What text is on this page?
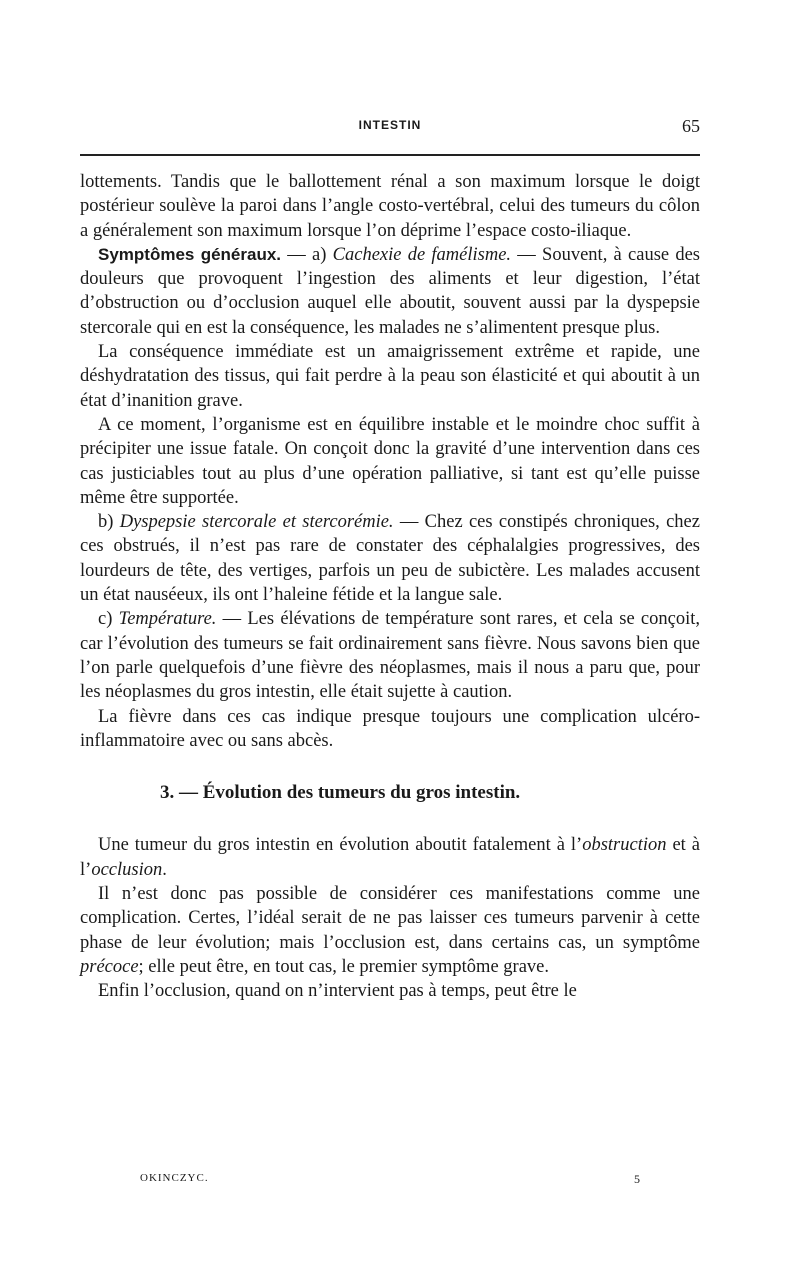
INTESTIN	65

lottements. Tandis que le ballottement rénal a son maximum lorsque le doigt postérieur soulève la paroi dans l’angle costo-vertébral, celui des tumeurs du côlon a généralement son maximum lorsque l’on déprime l’espace costo-iliaque.

Symptômes généraux. — a) Cachexie de famélisme. — Souvent, à cause des douleurs que provoquent l’ingestion des aliments et leur digestion, l’état d’obstruction ou d’occlusion auquel elle aboutit, souvent aussi par la dyspepsie stercorale qui en est la conséquence, les malades ne s’alimentent presque plus.

La conséquence immédiate est un amaigrissement extrême et rapide, une déshydratation des tissus, qui fait perdre à la peau son élasticité et qui aboutit à un état d’inanition grave.

A ce moment, l’organisme est en équilibre instable et le moindre choc suffit à précipiter une issue fatale. On conçoit donc la gravité d’une intervention dans ces cas justiciables tout au plus d’une opération palliative, si tant est qu’elle puisse même être supportée.

b) Dyspepsie stercorale et stercorémie. — Chez ces constipés chroniques, chez ces obstrués, il n’est pas rare de constater des céphalalgies progressives, des lourdeurs de tête, des vertiges, parfois un peu de subictère. Les malades accusent un état nauséeux, ils ont l’haleine fétide et la langue sale.

c) Température. — Les élévations de température sont rares, et cela se conçoit, car l’évolution des tumeurs se fait ordinairement sans fièvre. Nous savons bien que l’on parle quelquefois d’une fièvre des néoplasmes, mais il nous a paru que, pour les néoplasmes du gros intestin, elle était sujette à caution.

La fièvre dans ces cas indique presque toujours une complication ulcéro-inflammatoire avec ou sans abcès.

3. — Évolution des tumeurs du gros intestin.

Une tumeur du gros intestin en évolution aboutit fatalement à l’obstruction et à l’occlusion.

Il n’est donc pas possible de considérer ces manifestations comme une complication. Certes, l’idéal serait de ne pas laisser ces tumeurs parvenir à cette phase de leur évolution; mais l’occlusion est, dans certains cas, un symptôme précoce; elle peut être, en tout cas, le premier symptôme grave.

Enfin l’occlusion, quand on n’intervient pas à temps, peut être le

OKINCZYC.	5
